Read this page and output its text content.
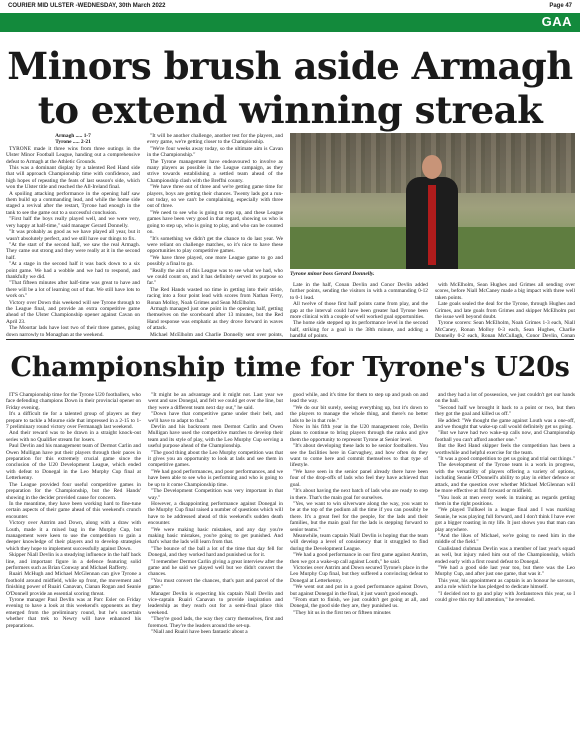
COURIER MID ULSTER -WEDNESDAY, 30th March 2022	Page 47
GAA
Minors brush aside Armagh to extend winning streak

Armagh ..... 1-7

Tyrone ..... 2-21

TYRONE made it three wins from three outings in the Ulster Minor Football League, handing out a comprehensive defeat to Armagh at the Athletic Grounds.

This was a dominant display by a talented Red Hand side that will approach Championship time with confidence, and high hopes of repeating the feats of last season's side, which won the Ulster title and reached the All-Ireland final.

A spoiling attacking performance in the opening half saw them build up a commanding lead, and while the home side staged a revival after the restart, Tyrone had enough in the tank to see the game out to a successful conclusion.

"First half the boys really played well, and we were very, very happy at half-time," said manager Gerard Donnelly.

"It was probably as good as we have played all year, but it wasn't absolutely perfect, and we still have our things to fix.

"At the start of the second half, we saw the real Armagh. They came out strong and they were really at it in the second half.

"At a stage in the second half it was back down to a six point game. We had a wobble and we had to respond, and thankfully we did.

"That fifteen minutes after half-time was great to have and there will be a lot of learning out of that. We still have lots to work on."

Victory over Down this weekend will see Tyrone through to the League final, and provide an extra competitive game ahead of the Ulster Championship opener against Cavan on April 23.

The Moortar lads have lost two of their three games, going down narrowly to Monaghan at the weekend.

"It will be another challenge, another test for the players, and every game, we're getting closer to the Championship.

"We're four weeks away today, so the ultimate aim is Cavan in the Championship."

The Tyrone management have endeavoured to involve as many players as possible in the League campaign, as they strive towards establishing a settled team ahead of the Championship clash with the Breffni county.

"We have three out of three and we're getting game time for players, boys are getting their chances. Twenty lads got a run-out today, so we can't be complaining, especially with three out of three.

"We need to see who is going to step up, and these League games have been very good in that regard, showing us who is going to step up, who is going to play, and who can be counted on.

"It's something we didn't get the chance to do last year. We were reliant on challenge matches, so it's nice to have these opportunities to play competitive games.

"We have three played, one more League game to go and possibly a final to go.

"Really the aim of this League was to see what we had, who we could count on, and it has definitely served its purpose so far."

The Red Hands wasted no time in getting into their stride, racing into a four point lead with scores from Nathan Ferry, Ronan Molloy, Noah Grimes and Sean McElholm.

Armagh managed just one point in the opening half, getting themselves on the scoreboard after 13 minutes, but the Red Hand response was emphatic as they drove forward in waves of attack.

Michael McElholm and Charlie Donnelly sent over points,

Tyrone minor boss Gerard Donnelly.

Late in the half, Conan Devlin and Conor Devlin added further points, sending the visitors in with a commanding 0-12 to 0-1 lead.

All twelve of those first half points came from play, and the gap at the interval could have been greater had Tyrone been more clinical with a couple of well worked goal opportunities.

The home side stepped up its performance level in the second half, striking for a goal in the 38th minute, and adding a handful of points.

with McElholm, Sean Hughes and Grimes all sending over scores, before Niall McCaney made a big impact with three well taken points.

Late goals sealed the deal for the Tyrone, through Hughes and Grimes, and late goals from Grimes and skipper McElholm put the issue well beyond doubt.

Tyrone scorers: Sean McElholm, Noah Grimes 1-3 each, Niall McCaney, Ronan Molloy 0-3 each, Sean Hughes, Charlie Donnelly 0-2 each, Ronan McCullagh, Conor Devlin, Conan

Championship time for Tyrone's U20s

IT'S Championship time for the Tyrone U20 footballers, who face defending champions Down in their provincial opener on Friday evening.

It's a difficult tie for a talented group of players as they prepare to tackle a Mourne side that impressed in a 2-15 to 1-7 preliminary round victory over Fermanagh last weekend.

And their reward was to be drawn in a straight knock-out series with no Qualifier stream for losers.

Paul Devlin and his management team of Dermot Carlin and Owen Mulligan have put their players through their paces in preparation for this extremely crucial game since the conclusion of the U20 Development League, which ended with defeat to Donegal in the Leo Murphy Cup final at Letterkenny.

The League provided four useful competitive games in preparation for the Championship, but the Red Hands' showing in the decider provided cause for concern.

In the meantime, they have been working hard to fine-tune certain aspects of their game ahead of this weekend's crunch encounter.

Victory over Antrim and Down, along with a draw with Louth, made it a mixed bag in the Murphy Cup, but management were keen to use the competition to gain a deeper knowledge of their players and to develop strategies which they hope to implement successfully against Down.

Skipper Niall Devlin is a steadying influence in the half back line, and important figure in a defence featuring solid performers such as Brian Conway and Michael Rafferty.

Ruairi McHugh and Michael McGlennan can give Tyrone a foothold around midfield, while up front, the movement and finishing power of Ruairi Canavan, Cianan Rogan and Seanie O'Donnell provide an essential scoring threat.

Tyrone manager Paul Devlin was at Parc Esler on Friday evening to have a look at this weekend's opponents as they emerged from the preliminary round, but he's uncertain whether that trek to Newry will have enhanced his preparations.

"It might be an advantage and it might not. Last year we went and saw Donegal, and felt we could get over the line, but they were a different team next day out," he said.

"Down have that competitive game under their belt, and we'll have to adapt to that."

Devlin and his backroom men Dermot Carlin and Owen Mulligan have used the competitive matches to develop their team and its style of play, with the Leo Murphy Cup serving a useful purpose ahead of the Championship.

"The good thing about the Leo Murphy competition was that it gives you an opportunity to look at lads and see them in competitive games.

"We had good performances, and poor performances, and we have been able to see who is performing and who is going to be up to it come Championship time.

"The Development Competition was very important in that way."

However, a disappointing performance against Donegal in the Murphy Cup final raised a number of questions which will have to be addressed ahead of this weekend's sudden death encounter.

"We were making basic mistakes, and any day you're making basic mistakes, you're going to get punished. And that's what the lads will learn from that.

"The bounce of the ball a lot of the time that day fell for Donegal, and they worked hard and punished us for it.

"I remember Dermot Carlin giving a great interview after the game and he said we played well but we didn't convert the chances.

"You must convert the chances, that's part and parcel of the game."

Manager Devlin is expecting his captain Niall Devlin and vice-captain Ruairi Canavan to provide inspiration and leadership as they reach out for a semi-final place this weekend.

"They're good lads, the way they carry themselves, first and foremost. They're the leaders around the set-up.

"Niall and Ruairi have been fantastic about a

good while, and it's time for them to step up and push on and lead the way.

"We do our bit surely, seeing everything up, but it's down to the players to manage the whole thing, and there's no better lads to be in that role."

Now in his fifth year in the U20 management role, Devlin plans to continue to bring players through the ranks and give them the opportunity to represent Tyrone at Senior level.

"It's about developing these lads to be senior footballers. You see the facilities here in Garvaghey, and how often do they want to come here and commit themselves to that type of lifestyle.

"We have seen in the senior panel already there have been four of the drop-offs of lads who feel they have achieved that goal.

"It's about having the next batch of lads who are ready to step in there. That's the main goal for ourselves.

"Yes, we want to win silverware along the way, you want to be at the top of the podium all the time if you can possibly be there. It's a great feel for the people, for the lads and their families, but the main goal for the lads is stepping forward to senior teams."

Meanwhile, team captain Niall Devlin is hoping that the team will develop a level of consistency that it struggled to find during the Development League.

"We had a good performance in our first game against Antrim, then we got a wake-up call against Louth," he said.

Victories over Antrim and Down secured Tyrone's place in the Leo Murphy Cup final, but they suffered a convincing defeat to Donegal at Letterkenny.

"We went out and put in a good performance against Down, but against Donegal in the final, it just wasn't good enough.

"From start to finish, we just couldn't get going at all, and Donegal, the good side they are, they punished us.

"They hit us in the first ten or fifteen minutes

and they had a lot of possession, we just couldn't get our hands on the ball.

"Second half we brought it back to a point or two, but then they got the goal and killed us off."

He added: "We thought the game against Louth was a one-off, and we thought that wake-up call would definitely get us going.

"But we have had two wake-up calls now, and Championship football you can't afford another one."

But the Red Hand skipper feels the competition has been a worthwhile and helpful exercise for the team.

"It was a good competition to get us going and trial out things."

The development of the Tyrone team is a work in progress, with the versatility of players offering a variety of options, including Seanie O'Donnell's ability to play in either defence or attack, and the question over whether Michael McGlennan will be more effective at full forward or midfield.

"You look at men every week in training as regards getting them in the right positions.

"We played Tullkeel in a league final and I was marking Seanie, he was playing full forward, and I don't think I have ever got a bigger roasting in my life. It just shows you that man can play anywhere.

"And the likes of Michael, we're going to need him in the middle of the field."

Coalisland clubman Devlin was a member of last year's squad as well, but injury ruled him out of the Championship, which ended early with a first round defeat to Donegal.

"We had a good side last year too, but there was the Leo Murphy Cup, and after just one game, that was it."

This year, his appointment as captain is an honour he savours, and a role which he has pledged to dedicate himself.

"I decided not to go and play with Jordanstown this year, so I could give this my full attention," he revealed.
